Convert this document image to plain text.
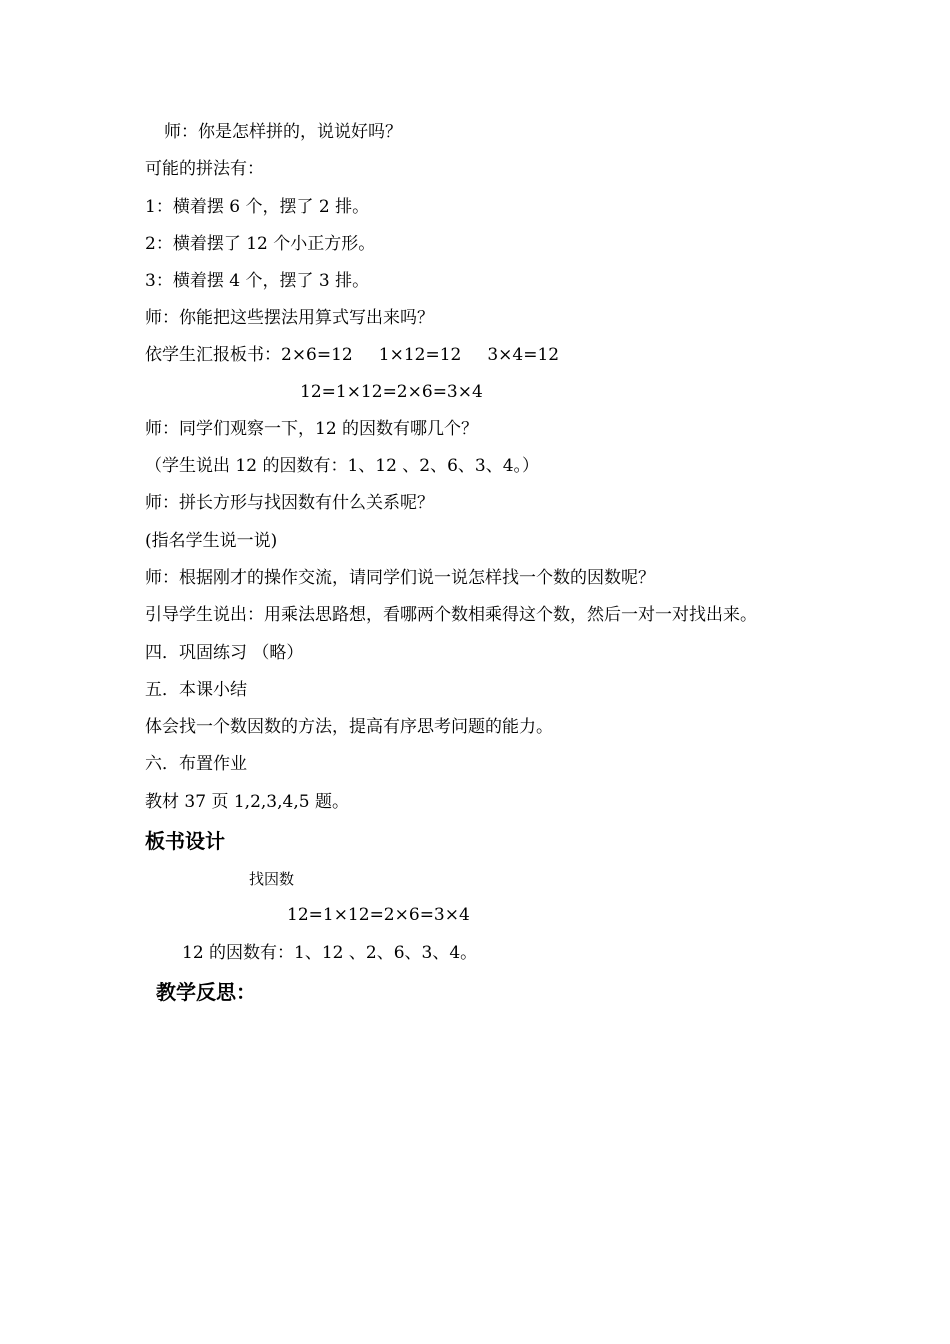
师：你是怎样拼的，说说好吗？
可能的拼法有：
1：横着摆 6 个，摆了 2 排。
2：横着摆了 12 个小正方形。
3：横着摆 4 个，摆了 3 排。
师：你能把这些摆法用算式写出来吗？
依学生汇报板书：2×6=12 1×12=12 3×4=12
12=1×12=2×6=3×4
师：同学们观察一下，12 的因数有哪几个？
（学生说出 12 的因数有：1、12 、2、6、3、4。）
师：拼长方形与找因数有什么关系呢？
(指名学生说一说)
师：根据刚才的操作交流，请同学们说一说怎样找一个数的因数呢？
引导学生说出：用乘法思路想，看哪两个数相乘得这个数，然后一对一对找出来。
四．巩固练习 （略）
五．本课小结
体会找一个数因数的方法，提高有序思考问题的能力。
六．布置作业
教材 37 页 1,2,3,4,5 题。
板书设计
找因数
12=1×12=2×6=3×4
12 的因数有：1、12 、2、6、3、4。
教学反思：
